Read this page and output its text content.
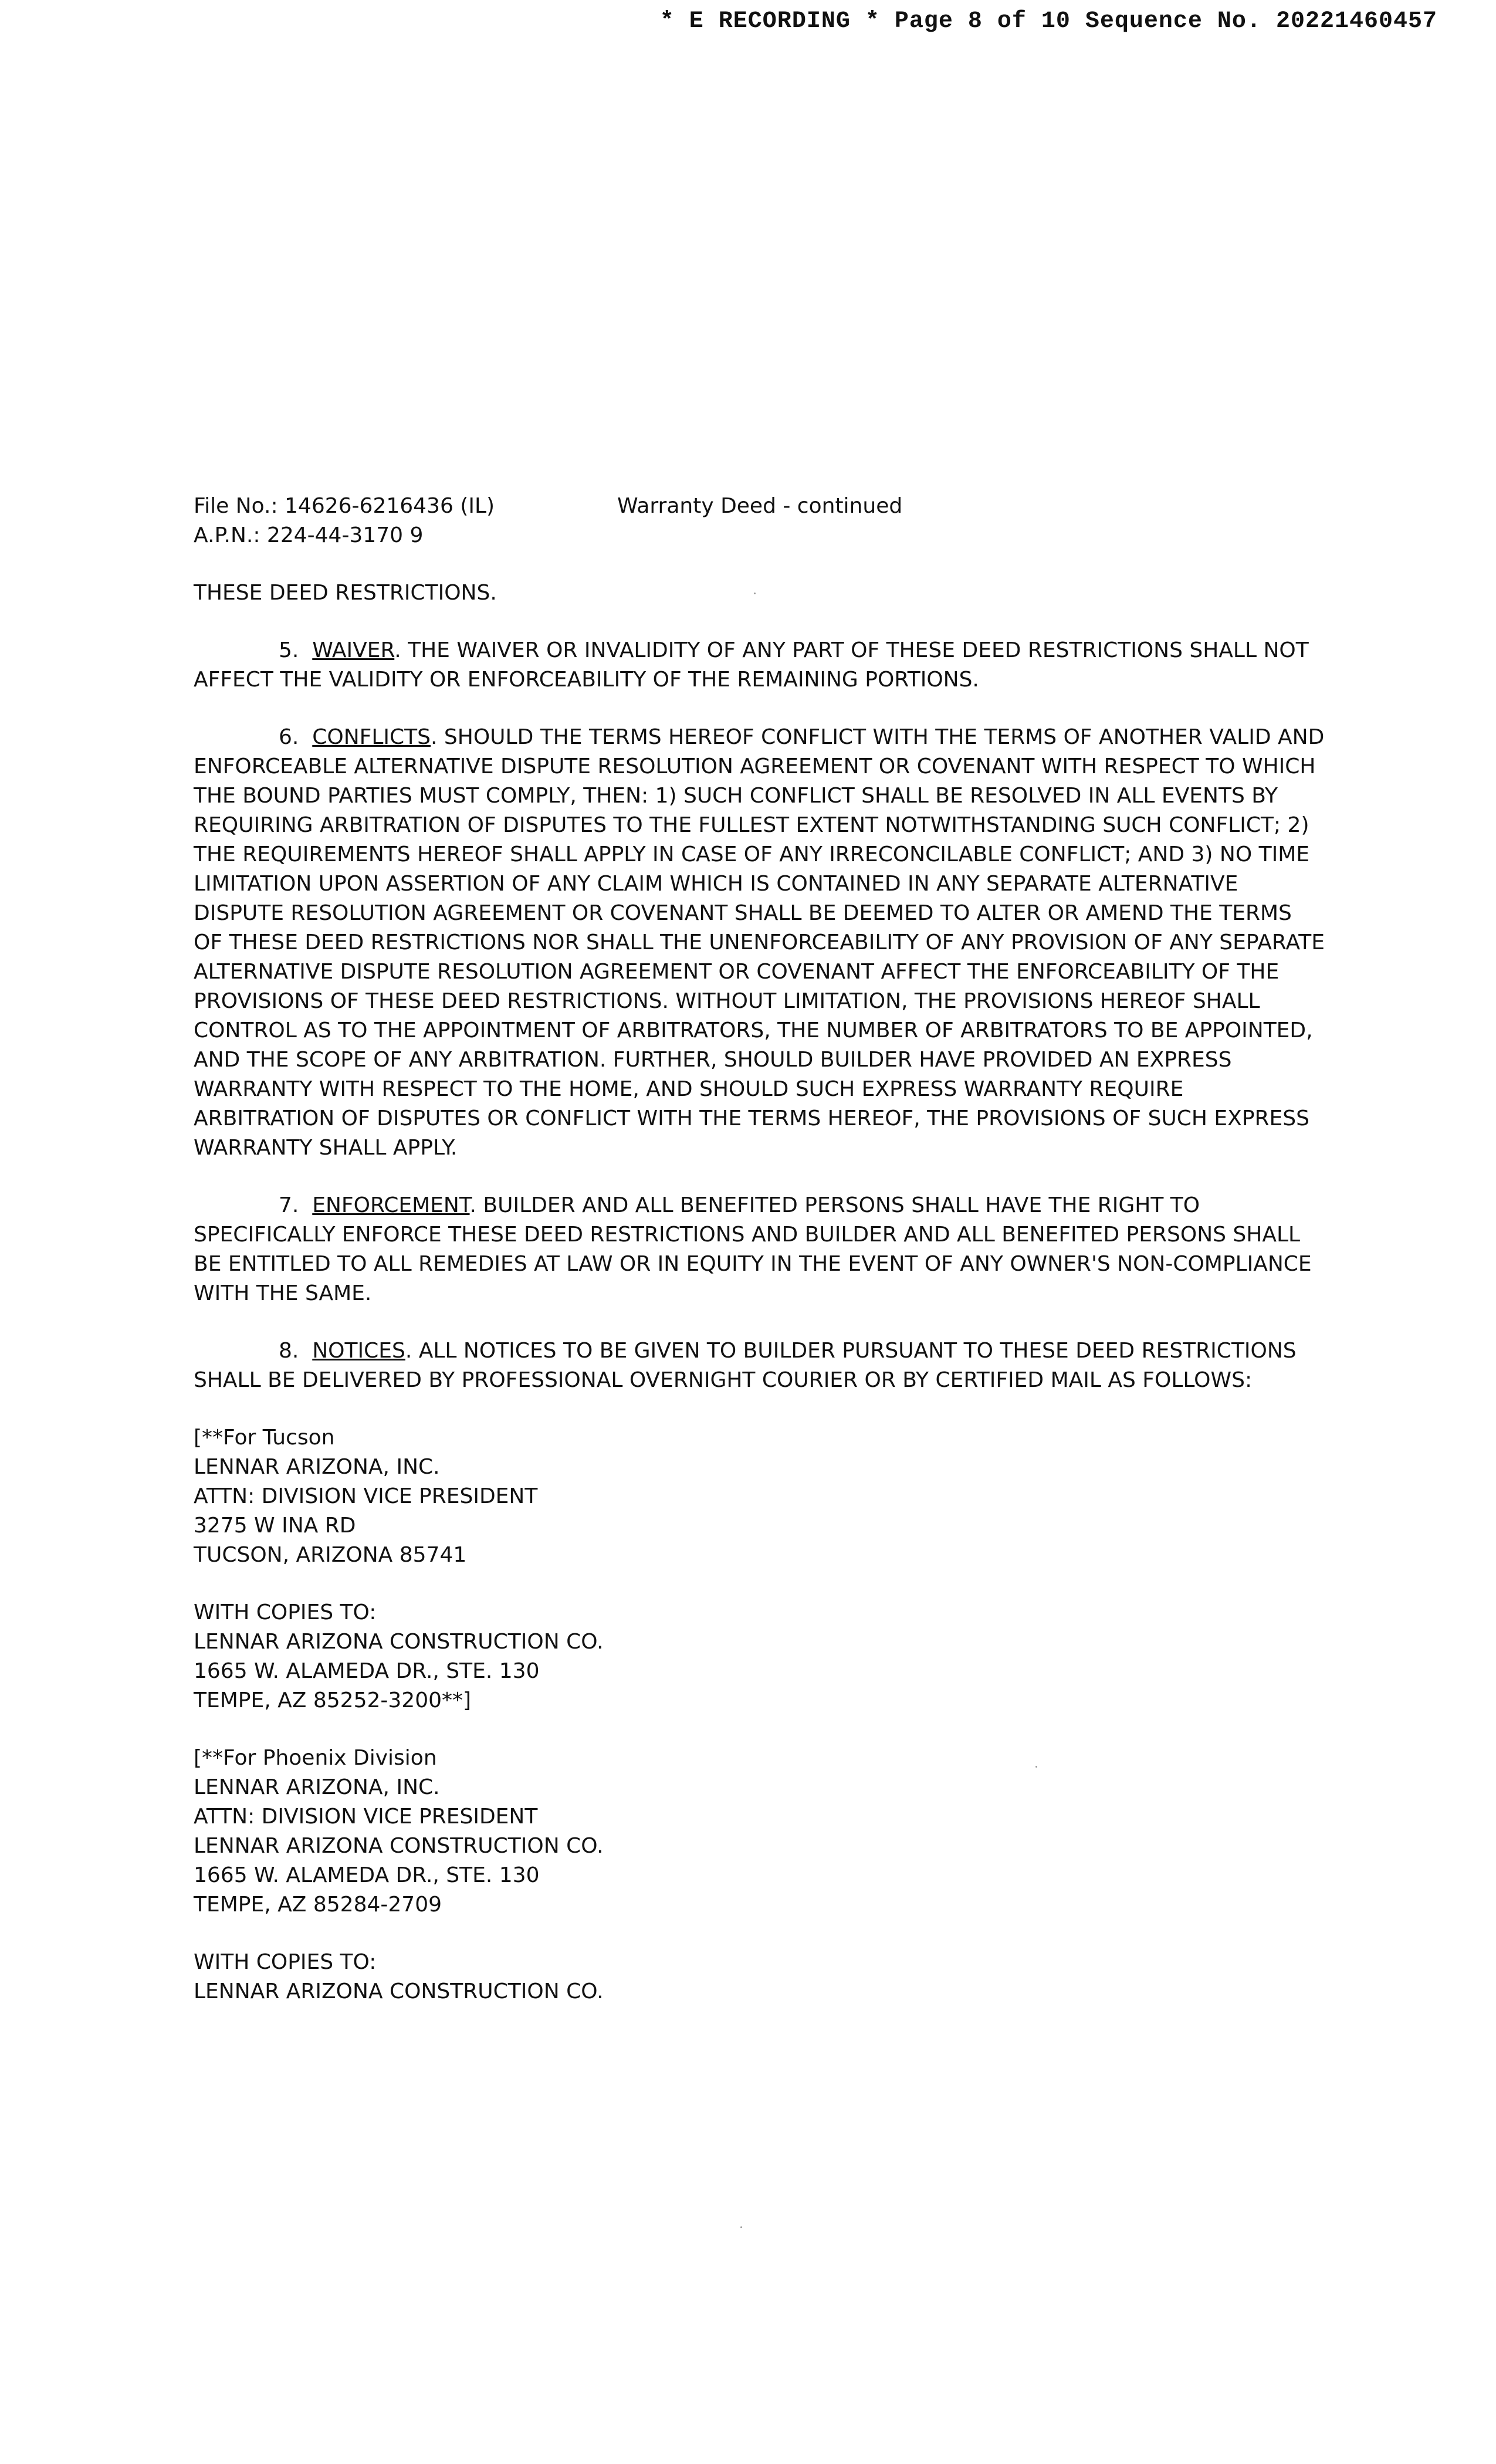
* E RECORDING * Page 8 of 10 Sequence No. 20221460457
File No.: 14626-6216436 (IL)	Warranty Deed - continued
A.P.N.: 224-44-3170 9
THESE DEED RESTRICTIONS.

5. WAIVER. THE WAIVER OR INVALIDITY OF ANY PART OF THESE DEED RESTRICTIONS SHALL NOT AFFECT THE VALIDITY OR ENFORCEABILITY OF THE REMAINING PORTIONS.

6. CONFLICTS. SHOULD THE TERMS HEREOF CONFLICT WITH THE TERMS OF ANOTHER VALID AND ENFORCEABLE ALTERNATIVE DISPUTE RESOLUTION AGREEMENT OR COVENANT WITH RESPECT TO WHICH THE BOUND PARTIES MUST COMPLY, THEN: 1) SUCH CONFLICT SHALL BE RESOLVED IN ALL EVENTS BY REQUIRING ARBITRATION OF DISPUTES TO THE FULLEST EXTENT NOTWITHSTANDING SUCH CONFLICT; 2) THE REQUIREMENTS HEREOF SHALL APPLY IN CASE OF ANY IRRECONCILABLE CONFLICT; AND 3) NO TIME LIMITATION UPON ASSERTION OF ANY CLAIM WHICH IS CONTAINED IN ANY SEPARATE ALTERNATIVE DISPUTE RESOLUTION AGREEMENT OR COVENANT SHALL BE DEEMED TO ALTER OR AMEND THE TERMS OF THESE DEED RESTRICTIONS NOR SHALL THE UNENFORCEABILITY OF ANY PROVISION OF ANY SEPARATE ALTERNATIVE DISPUTE RESOLUTION AGREEMENT OR COVENANT AFFECT THE ENFORCEABILITY OF THE PROVISIONS OF THESE DEED RESTRICTIONS. WITHOUT LIMITATION, THE PROVISIONS HEREOF SHALL CONTROL AS TO THE APPOINTMENT OF ARBITRATORS, THE NUMBER OF ARBITRATORS TO BE APPOINTED, AND THE SCOPE OF ANY ARBITRATION. FURTHER, SHOULD BUILDER HAVE PROVIDED AN EXPRESS WARRANTY WITH RESPECT TO THE HOME, AND SHOULD SUCH EXPRESS WARRANTY REQUIRE ARBITRATION OF DISPUTES OR CONFLICT WITH THE TERMS HEREOF, THE PROVISIONS OF SUCH EXPRESS WARRANTY SHALL APPLY.

7. ENFORCEMENT. BUILDER AND ALL BENEFITED PERSONS SHALL HAVE THE RIGHT TO SPECIFICALLY ENFORCE THESE DEED RESTRICTIONS AND BUILDER AND ALL BENEFITED PERSONS SHALL BE ENTITLED TO ALL REMEDIES AT LAW OR IN EQUITY IN THE EVENT OF ANY OWNER'S NON-COMPLIANCE WITH THE SAME.

8. NOTICES. ALL NOTICES TO BE GIVEN TO BUILDER PURSUANT TO THESE DEED RESTRICTIONS SHALL BE DELIVERED BY PROFESSIONAL OVERNIGHT COURIER OR BY CERTIFIED MAIL AS FOLLOWS:

[**For Tucson
LENNAR ARIZONA, INC.
ATTN: DIVISION VICE PRESIDENT
3275 W INA RD
TUCSON, ARIZONA 85741
WITH COPIES TO:
LENNAR ARIZONA CONSTRUCTION CO.
1665 W. ALAMEDA DR., STE. 130
TEMPE, AZ 85252-3200**]
[**For Phoenix Division
LENNAR ARIZONA, INC.
ATTN: DIVISION VICE PRESIDENT
LENNAR ARIZONA CONSTRUCTION CO.
1665 W. ALAMEDA DR., STE. 130
TEMPE, AZ 85284-2709
WITH COPIES TO:
LENNAR ARIZONA CONSTRUCTION CO.
